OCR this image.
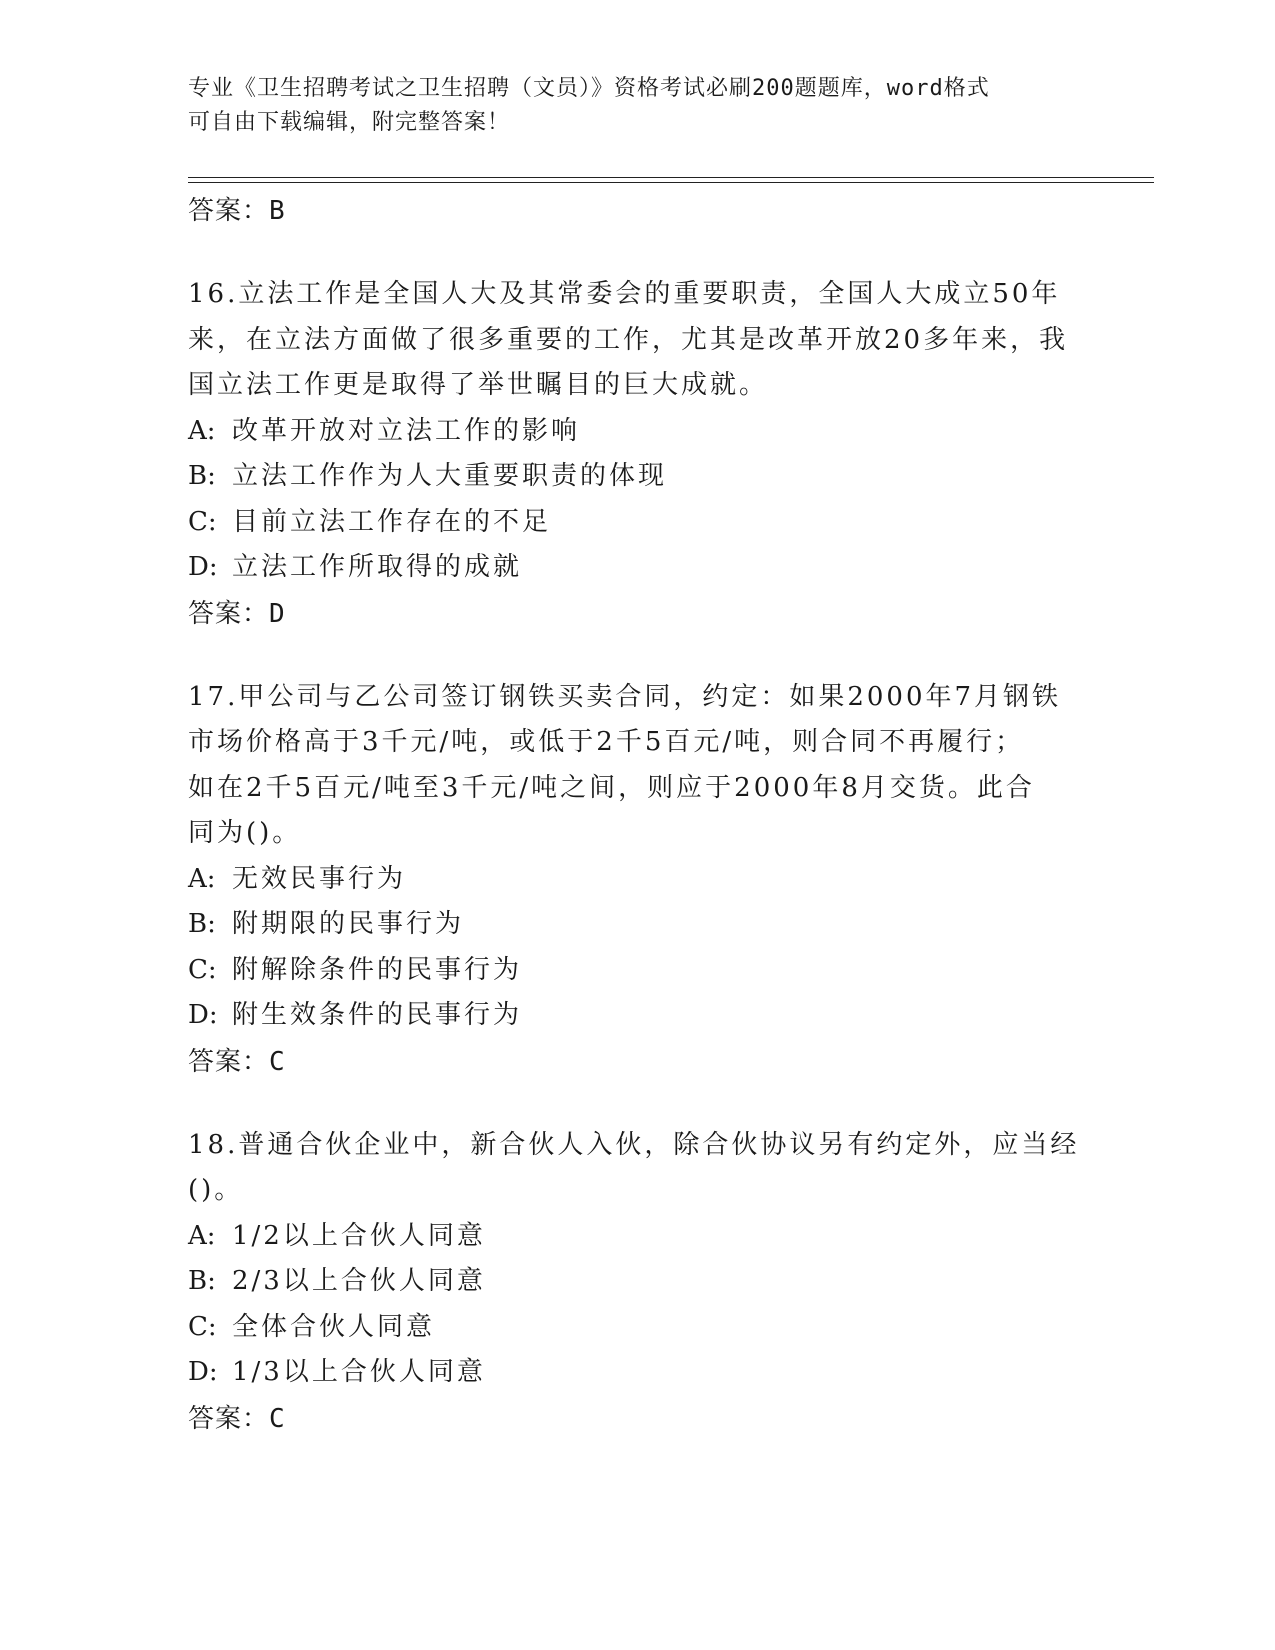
专业《卫生招聘考试之卫生招聘（文员）》资格考试必刷200题题库，word格式
可自由下载编辑，附完整答案！
答案：B
16.立法工作是全国人大及其常委会的重要职责，全国人大成立50年
来，在立法方面做了很多重要的工作，尤其是改革开放20多年来，我
国立法工作更是取得了举世瞩目的巨大成就。
A: 改革开放对立法工作的影响
B: 立法工作作为人大重要职责的体现
C: 目前立法工作存在的不足
D: 立法工作所取得的成就
答案：D
17.甲公司与乙公司签订钢铁买卖合同，约定：如果2000年7月钢铁
市场价格高于3千元/吨，或低于2千5百元/吨，则合同不再履行；
如在2千5百元/吨至3千元/吨之间，则应于2000年8月交货。此合
同为()。
A: 无效民事行为
B: 附期限的民事行为
C: 附解除条件的民事行为
D: 附生效条件的民事行为
答案：C
18.普通合伙企业中，新合伙人入伙，除合伙协议另有约定外，应当经
()。
A: 1/2以上合伙人同意
B: 2/3以上合伙人同意
C: 全体合伙人同意
D: 1/3以上合伙人同意
答案：C
